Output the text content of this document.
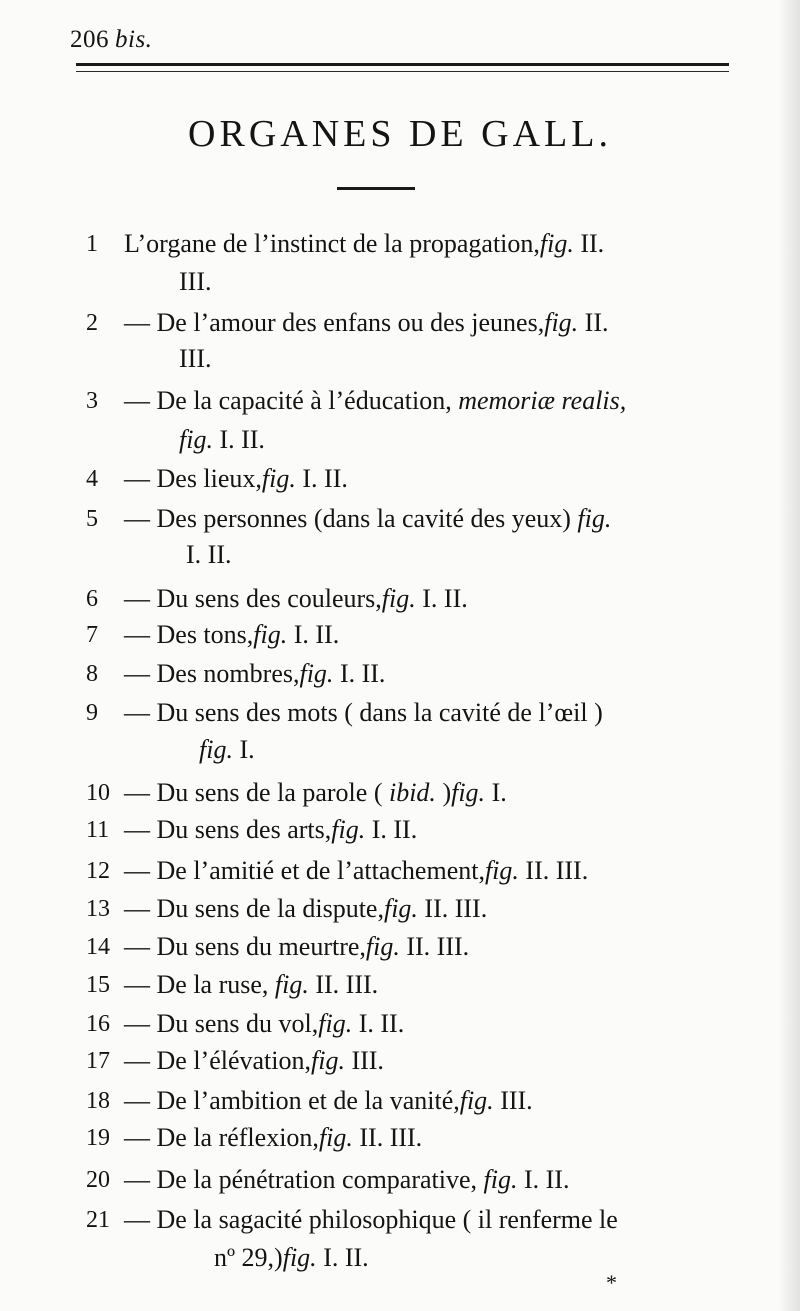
206 bis.
ORGANES DE GALL.
1	L’organe de l’instinct de la propagation,fig. II.
III.
2	— De l’amour des enfans ou des jeunes,fig. II.
III.
3	— De la capacité à l’éducation, memoriæ realis,
fig. I. II.
4	— Des lieux,fig. I. II.
5	— Des personnes (dans la cavité des yeux) fig.
I. II.
6	— Du sens des couleurs,fig. I. II.
7	— Des tons,fig. I. II.
8	— Des nombres,fig. I. II.
9	— Du sens des mots ( dans la cavité de l’œil )
fig. I.
10 — Du sens de la parole ( ibid. )fig. I.
11 — Du sens des arts,fig. I. II.
12 — De l’amitié et de l’attachement,fig. II. III.
13 — Du sens de la dispute,fig. II. III.
14 — Du sens du meurtre,fig. II. III.
15 — De la ruse, fig. II. III.
16 — Du sens du vol,fig. I. II.
17 — De l’élévation,fig. III.
18 — De l’ambition et de la vanité,fig. III.
19 — De la réflexion,fig. II. III.
20 — De la pénétration comparative, fig. I. II.
21 — De la sagacité philosophique ( il renferme le
nº 29,)fig. I. II.
*
